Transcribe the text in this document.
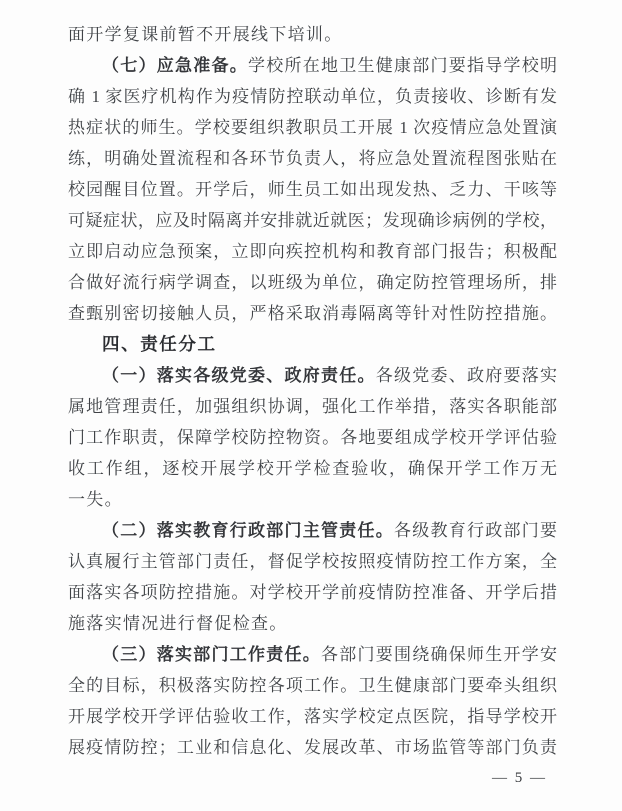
面开学复课前暂不开展线下培训。
（七）应急准备。学校所在地卫生健康部门要指导学校明
确 1 家医疗机构作为疫情防控联动单位，负责接收、诊断有发
热症状的师生。学校要组织教职员工开展 1 次疫情应急处置演
练，明确处置流程和各环节负责人，将应急处置流程图张贴在
校园醒目位置。开学后，师生员工如出现发热、乏力、干咳等
可疑症状，应及时隔离并安排就近就医；发现确诊病例的学校，
立即启动应急预案，立即向疾控机构和教育部门报告；积极配
合做好流行病学调查，以班级为单位，确定防控管理场所，排
查甄别密切接触人员，严格采取消毒隔离等针对性防控措施。
四、责任分工
（一）落实各级党委、政府责任。各级党委、政府要落实
属地管理责任，加强组织协调，强化工作举措，落实各职能部
门工作职责，保障学校防控物资。各地要组成学校开学评估验
收工作组，逐校开展学校开学检查验收，确保开学工作万无
一失。
（二）落实教育行政部门主管责任。各级教育行政部门要
认真履行主管部门责任，督促学校按照疫情防控工作方案，全
面落实各项防控措施。对学校开学前疫情防控准备、开学后措
施落实情况进行督促检查。
（三）落实部门工作责任。各部门要围绕确保师生开学安
全的目标，积极落实防控各项工作。卫生健康部门要牵头组织
开展学校开学评估验收工作，落实学校定点医院，指导学校开
展疫情防控；工业和信息化、发展改革、市场监管等部门负责
— 5 —
